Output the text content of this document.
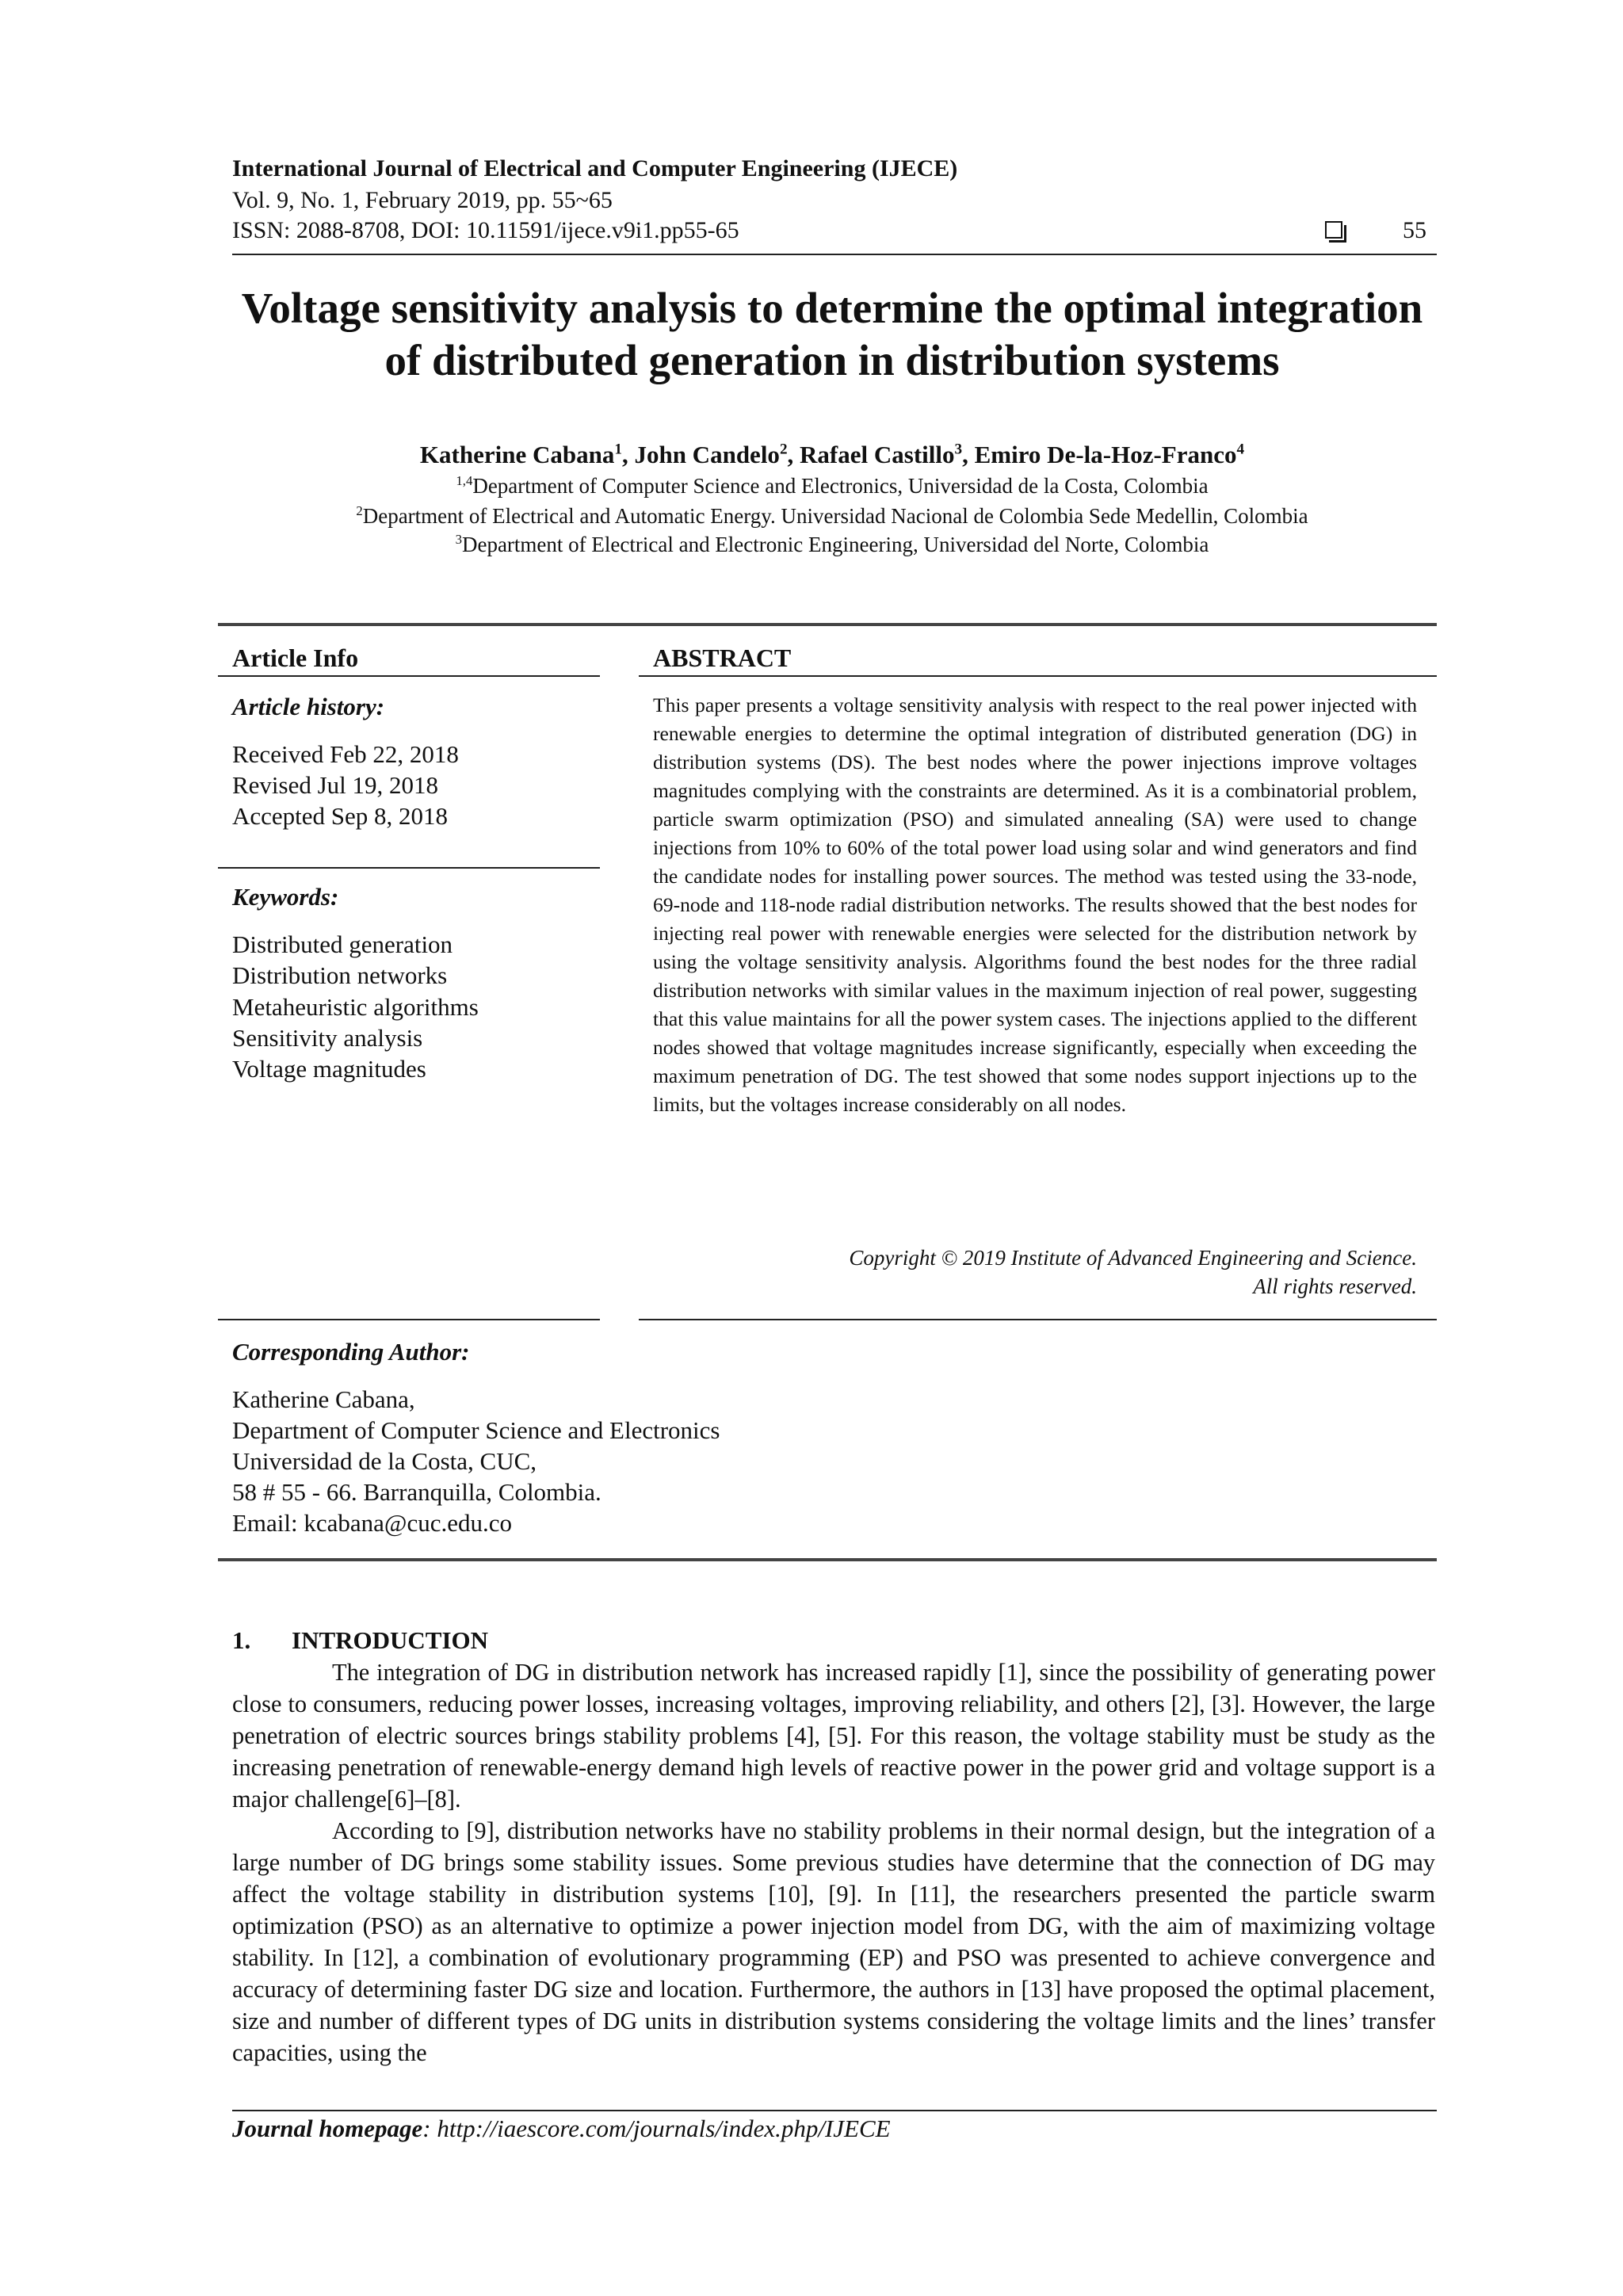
International Journal of Electrical and Computer Engineering (IJECE)
Vol. 9, No. 1, February 2019, pp. 55~65
ISSN: 2088-8708, DOI: 10.11591/ijece.v9i1.pp55-65	55
Voltage sensitivity analysis to determine the optimal integration
of distributed generation in distribution systems
Katherine Cabana$^1$, John Candelo$^2$, Rafael Castillo$^3$, Emiro De-la-Hoz-Franco$^4$
$^{1,4}$Department of Computer Science and Electronics, Universidad de la Costa, Colombia
$^2$Department of Electrical and Automatic Energy. Universidad Nacional de Colombia Sede Medellin, Colombia
$^3$Department of Electrical and Electronic Engineering, Universidad del Norte, Colombia
Article Info
Article history:
Received Feb 22, 2018
Revised Jul 19, 2018
Accepted Sep 8, 2018
Keywords:
Distributed generation
Distribution networks
Metaheuristic algorithms
Sensitivity analysis
Voltage magnitudes
ABSTRACT
This paper presents a voltage sensitivity analysis with respect to the real power injected with renewable energies to determine the optimal integration of distributed generation (DG) in distribution systems (DS). The best nodes where the power injections improve voltages magnitudes complying with the constraints are determined. As it is a combinatorial problem, particle swarm optimization (PSO) and simulated annealing (SA) were used to change injections from 10% to 60% of the total power load using solar and wind generators and find the candidate nodes for installing power sources. The method was tested using the 33-node, 69-node and 118-node radial distribution networks. The results showed that the best nodes for injecting real power with renewable energies were selected for the distribution network by using the voltage sensitivity analysis. Algorithms found the best nodes for the three radial distribution networks with similar values in the maximum injection of real power, suggesting that this value maintains for all the power system cases. The injections applied to the different nodes showed that voltage magnitudes increase significantly, especially when exceeding the maximum penetration of DG. The test showed that some nodes support injections up to the limits, but the voltages increase considerably on all nodes.
Copyright © 2019 Institute of Advanced Engineering and Science.
All rights reserved.
Corresponding Author:
Katherine Cabana,
Department of Computer Science and Electronics
Universidad de la Costa, CUC,
58 # 55 - 66. Barranquilla, Colombia.
Email: kcabana@cuc.edu.co
1. INTRODUCTION
The integration of DG in distribution network has increased rapidly [1], since the possibility of generating power close to consumers, reducing power losses, increasing voltages, improving reliability, and others [2], [3]. However, the large penetration of electric sources brings stability problems [4], [5]. For this reason, the voltage stability must be study as the increasing penetration of renewable-energy demand high levels of reactive power in the power grid and voltage support is a major challenge[6]–[8].
According to [9], distribution networks have no stability problems in their normal design, but the integration of a large number of DG brings some stability issues. Some previous studies have determine that the connection of DG may affect the voltage stability in distribution systems [10], [9]. In [11], the researchers presented the particle swarm optimization (PSO) as an alternative to optimize a power injection model from DG, with the aim of maximizing voltage stability. In [12], a combination of evolutionary programming (EP) and PSO was presented to achieve convergence and accuracy of determining faster DG size and location. Furthermore, the authors in [13] have proposed the optimal placement, size and number of different types of DG units in distribution systems considering the voltage limits and the lines’ transfer capacities, using the
Journal homepage: http://iaescore.com/journals/index.php/IJECE
